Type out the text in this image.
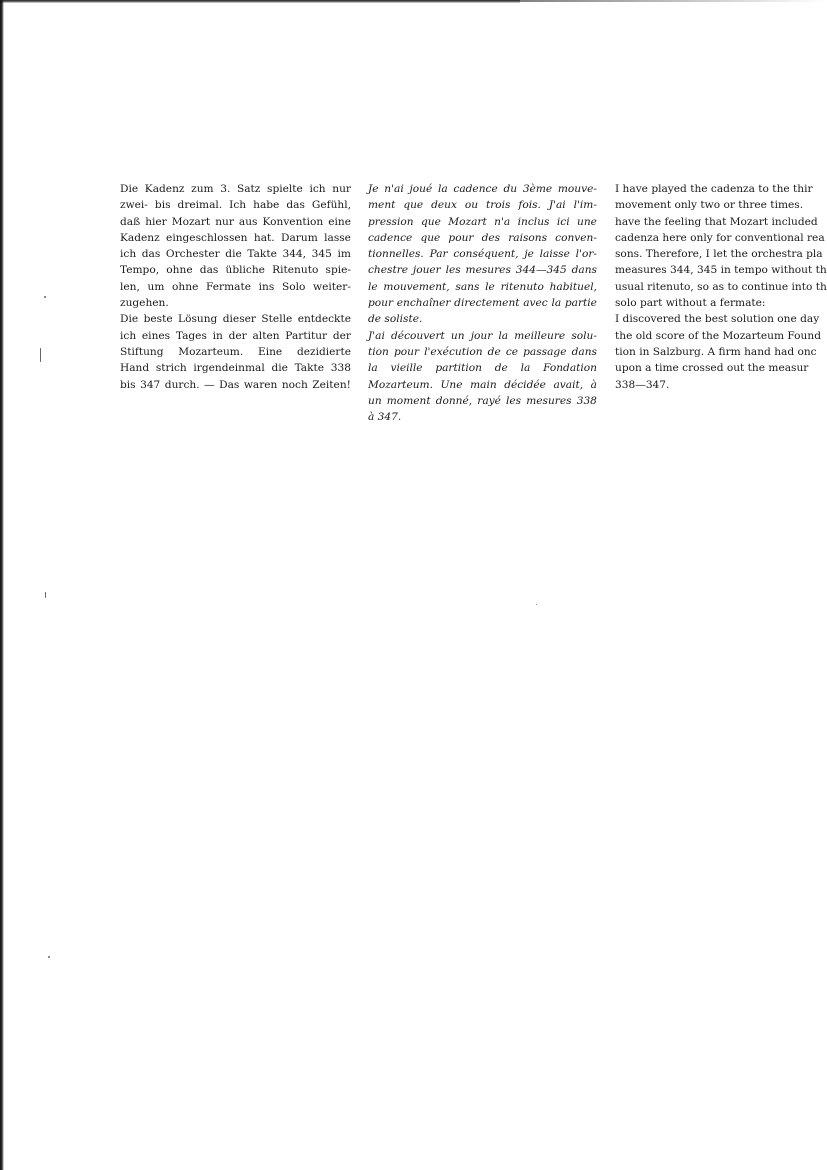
Die Kadenz zum 3. Satz spielte ich nur
zwei- bis dreimal. Ich habe das Gefühl,
daß hier Mozart nur aus Konvention eine
Kadenz eingeschlossen hat. Darum lasse
ich das Orchester die Takte 344, 345 im
Tempo, ohne das übliche Ritenuto spie-
len, um ohne Fermate ins Solo weiter-
zugehen.
Die beste Lösung dieser Stelle entdeckte
ich eines Tages in der alten Partitur der
Stiftung Mozarteum. Eine dezidierte
Hand strich irgendeinmal die Takte 338
bis 347 durch. — Das waren noch Zeiten!
Je n'ai joué la cadence du 3ème mouve-
ment que deux ou trois fois. J'ai l'im-
pression que Mozart n'a inclus ici une
cadence que pour des raisons conven-
tionnelles. Par conséquent, je laisse l'or-
chestre jouer les mesures 344—345 dans
le mouvement, sans le ritenuto habituel,
pour enchaîner directement avec la partie
de soliste.
J'ai découvert un jour la meilleure solu-
tion pour l'exécution de ce passage dans
la vieille partition de la Fondation
Mozarteum. Une main décidée avait, à
un moment donné, rayé les mesures 338
à 347.
I have played the cadenza to the thir
movement only two or three times.
have the feeling that Mozart included
cadenza here only for conventional rea
sons. Therefore, I let the orchestra pla
measures 344, 345 in tempo without th
usual ritenuto, so as to continue into th
solo part without a fermate:
I discovered the best solution one day
the old score of the Mozarteum Found
tion in Salzburg. A firm hand had onc
upon a time crossed out the measur
338—347.
